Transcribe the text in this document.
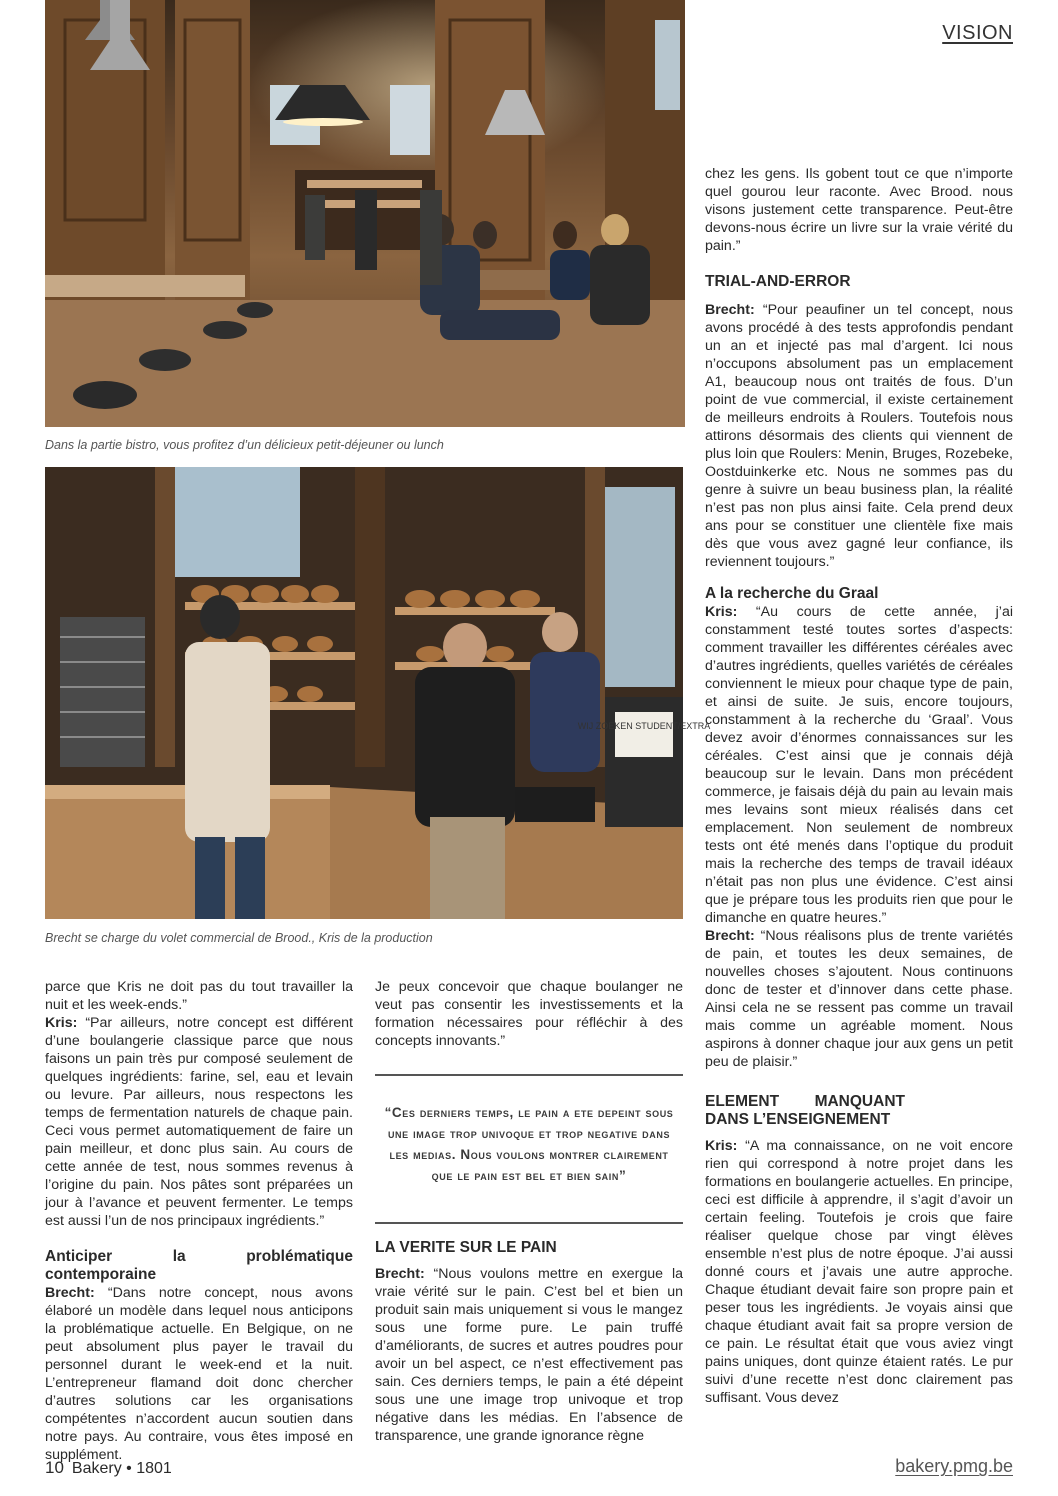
VISION
Dans la partie bistro, vous profitez d’un délicieux petit-déjeuner ou lunch
WIJ ZOEKEN STUDENT/EXTRA
Brecht se charge du volet commercial de Brood., Kris de la production

parce que Kris ne doit pas du tout travailler la nuit et les week-ends.”

Kris: “Par ailleurs, notre concept est différent d’une boulangerie classique parce que nous faisons un pain très pur composé seulement de quelques ingrédients: farine, sel, eau et levain ou levure. Par ailleurs, nous respectons les temps de fermentation naturels de chaque pain. Ceci vous permet automatiquement de faire un pain meilleur, et donc plus sain. Au cours de cette année de test, nous sommes revenus à l’origine du pain. Nos pâtes sont préparées un jour à l’avance et peuvent fermenter. Le temps est aussi l’un de nos principaux ingrédients.”

Anticiper la problématique contemporaine

Brecht: “Dans notre concept, nous avons élaboré un modèle dans lequel nous anticipons la problématique actuelle. En Belgique, on ne peut absolument plus payer le travail du personnel durant le week-end et la nuit. L’entrepreneur flamand doit donc chercher d’autres solutions car les organisations compétentes n’accordent aucun soutien dans notre pays. Au contraire, vous êtes imposé en supplément.

Je peux concevoir que chaque boulanger ne veut pas consentir les investissements et la formation nécessaires pour réfléchir à des concepts innovants.”

“Ces derniers temps, le pain a ete depeint sous une image trop univoque et trop negative dans les medias. Nous voulons montrer clairement que le pain est bel et bien sain”

LA VERITE SUR LE PAIN

Brecht: “Nous voulons mettre en exergue la vraie vérité sur le pain. C’est bel et bien un produit sain mais uniquement si vous le mangez sous une forme pure. Le pain truffé d’améliorants, de sucres et autres poudres pour avoir un bel aspect, ce n’est effectivement pas sain. Ces derniers temps, le pain a été dépeint sous une une image trop univoque et trop négative dans les médias. En l’absence de transparence, une grande ignorance règne

chez les gens. Ils gobent tout ce que n’importe quel gourou leur raconte. Avec Brood. nous visons justement cette transparence. Peut-être devons-nous écrire un livre sur la vraie vérité du pain.”

TRIAL-AND-ERROR

Brecht: “Pour peaufiner un tel concept, nous avons procédé à des tests approfondis pendant un an et injecté pas mal d’argent. Ici nous n’occupons absolument pas un emplacement A1, beaucoup nous ont traités de fous. D’un point de vue commercial, il existe certainement de meilleurs endroits à Roulers. Toutefois nous attirons désormais des clients qui viennent de plus loin que Roulers: Menin, Bruges, Rozebeke, Oostduinkerke etc. Nous ne sommes pas du genre à suivre un beau business plan, la réalité n’est pas non plus ainsi faite. Cela prend deux ans pour se constituer une clientèle fixe mais dès que vous avez gagné leur confiance, ils reviennent toujours.”

A la recherche du Graal

Kris: “Au cours de cette année, j’ai constamment testé toutes sortes d’aspects: comment travailler les différentes céréales avec d’autres ingrédients, quelles variétés de céréales conviennent le mieux pour chaque type de pain, et ainsi de suite. Je suis, encore toujours, constamment à la recherche du ‘Graal’. Vous devez avoir d’énormes connaissances sur les céréales. C’est ainsi que je connais déjà beaucoup sur le levain. Dans mon précédent commerce, je faisais déjà du pain au levain mais mes levains sont mieux réalisés dans cet emplacement. Non seulement de nombreux tests ont été menés dans l’optique du produit mais la recherche des temps de travail idéaux n’était pas non plus une évidence. C’est ainsi que je prépare tous les produits rien que pour le dimanche en quatre heures.”

Brecht: “Nous réalisons plus de trente variétés de pain, et toutes les deux semaines, de nouvelles choses s’ajoutent. Nous continuons donc de tester et d’innover dans cette phase. Ainsi cela ne se ressent pas comme un travail mais comme un agréable moment. Nous aspirons à donner chaque jour aux gens un petit peu de plaisir.”

ELEMENT MANQUANT DANS L’ENSEIGNEMENT

Kris: “A ma connaissance, on ne voit encore rien qui correspond à notre projet dans les formations en boulangerie actuelles. En principe, ceci est difficile à apprendre, il s’agit d’avoir un certain feeling. Toutefois je crois que faire réaliser quelque chose par vingt élèves ensemble n’est plus de notre époque. J’ai aussi donné cours et j’avais une autre approche. Chaque étudiant devait faire son propre pain et peser tous les ingrédients. Je voyais ainsi que chaque étudiant avait fait sa propre version de ce pain. Le résultat était que vous aviez vingt pains uniques, dont quinze étaient ratés. Le pur suivi d’une recette n’est donc clairement pas suffisant. Vous devez

10 Bakery • 1801	bakery.pmg.be
